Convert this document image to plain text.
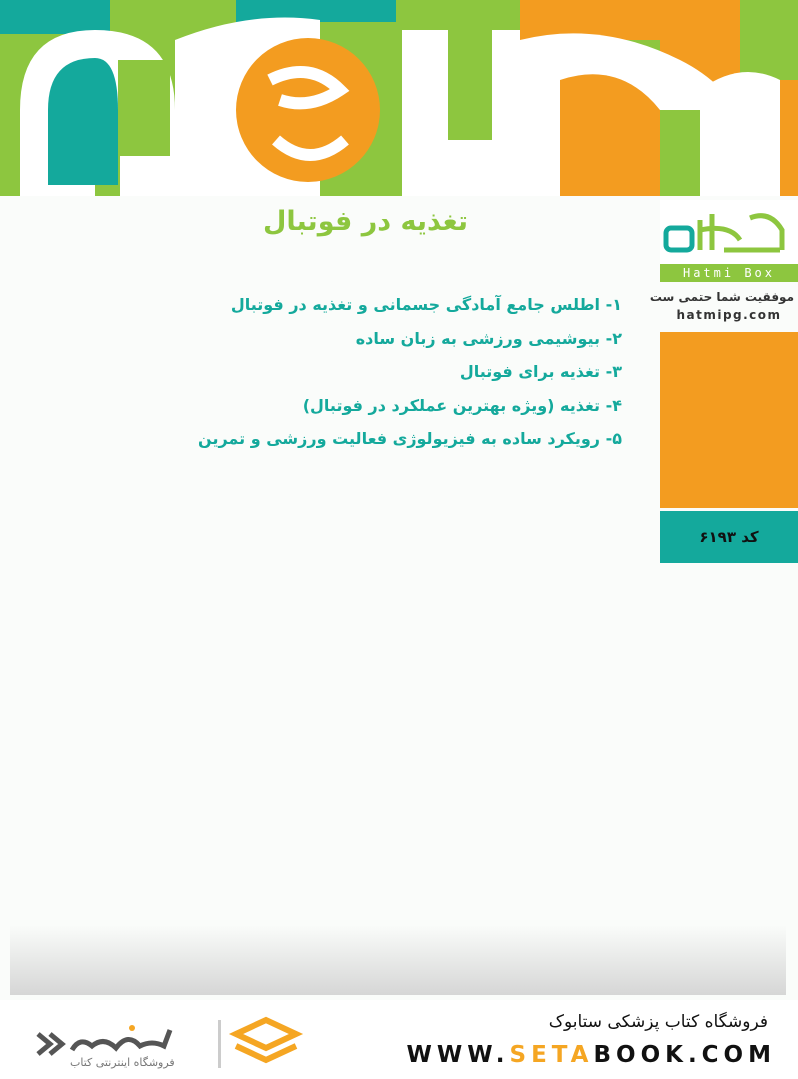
تغذیه در فوتبال
۱- اطلس جامع آمادگی جسمانی و تغذیه در فوتبال
۲- بیوشیمی ورزشی به زبان ساده
۳- تغذیه برای فوتبال
۴- تغذیه (ویژه بهترین عملکرد در فوتبال)
۵- رویکرد ساده به فیزیولوژی فعالیت ورزشی و تمرین
Hatmi Box
موفقیت شما حتمی ست
hatmipg.com
کد ۶۱۹۳
فروشگاه اینترنتی کتاب
فروشگاه کتاب پزشکی ستابوک
WWW.SETABOOK.COM
